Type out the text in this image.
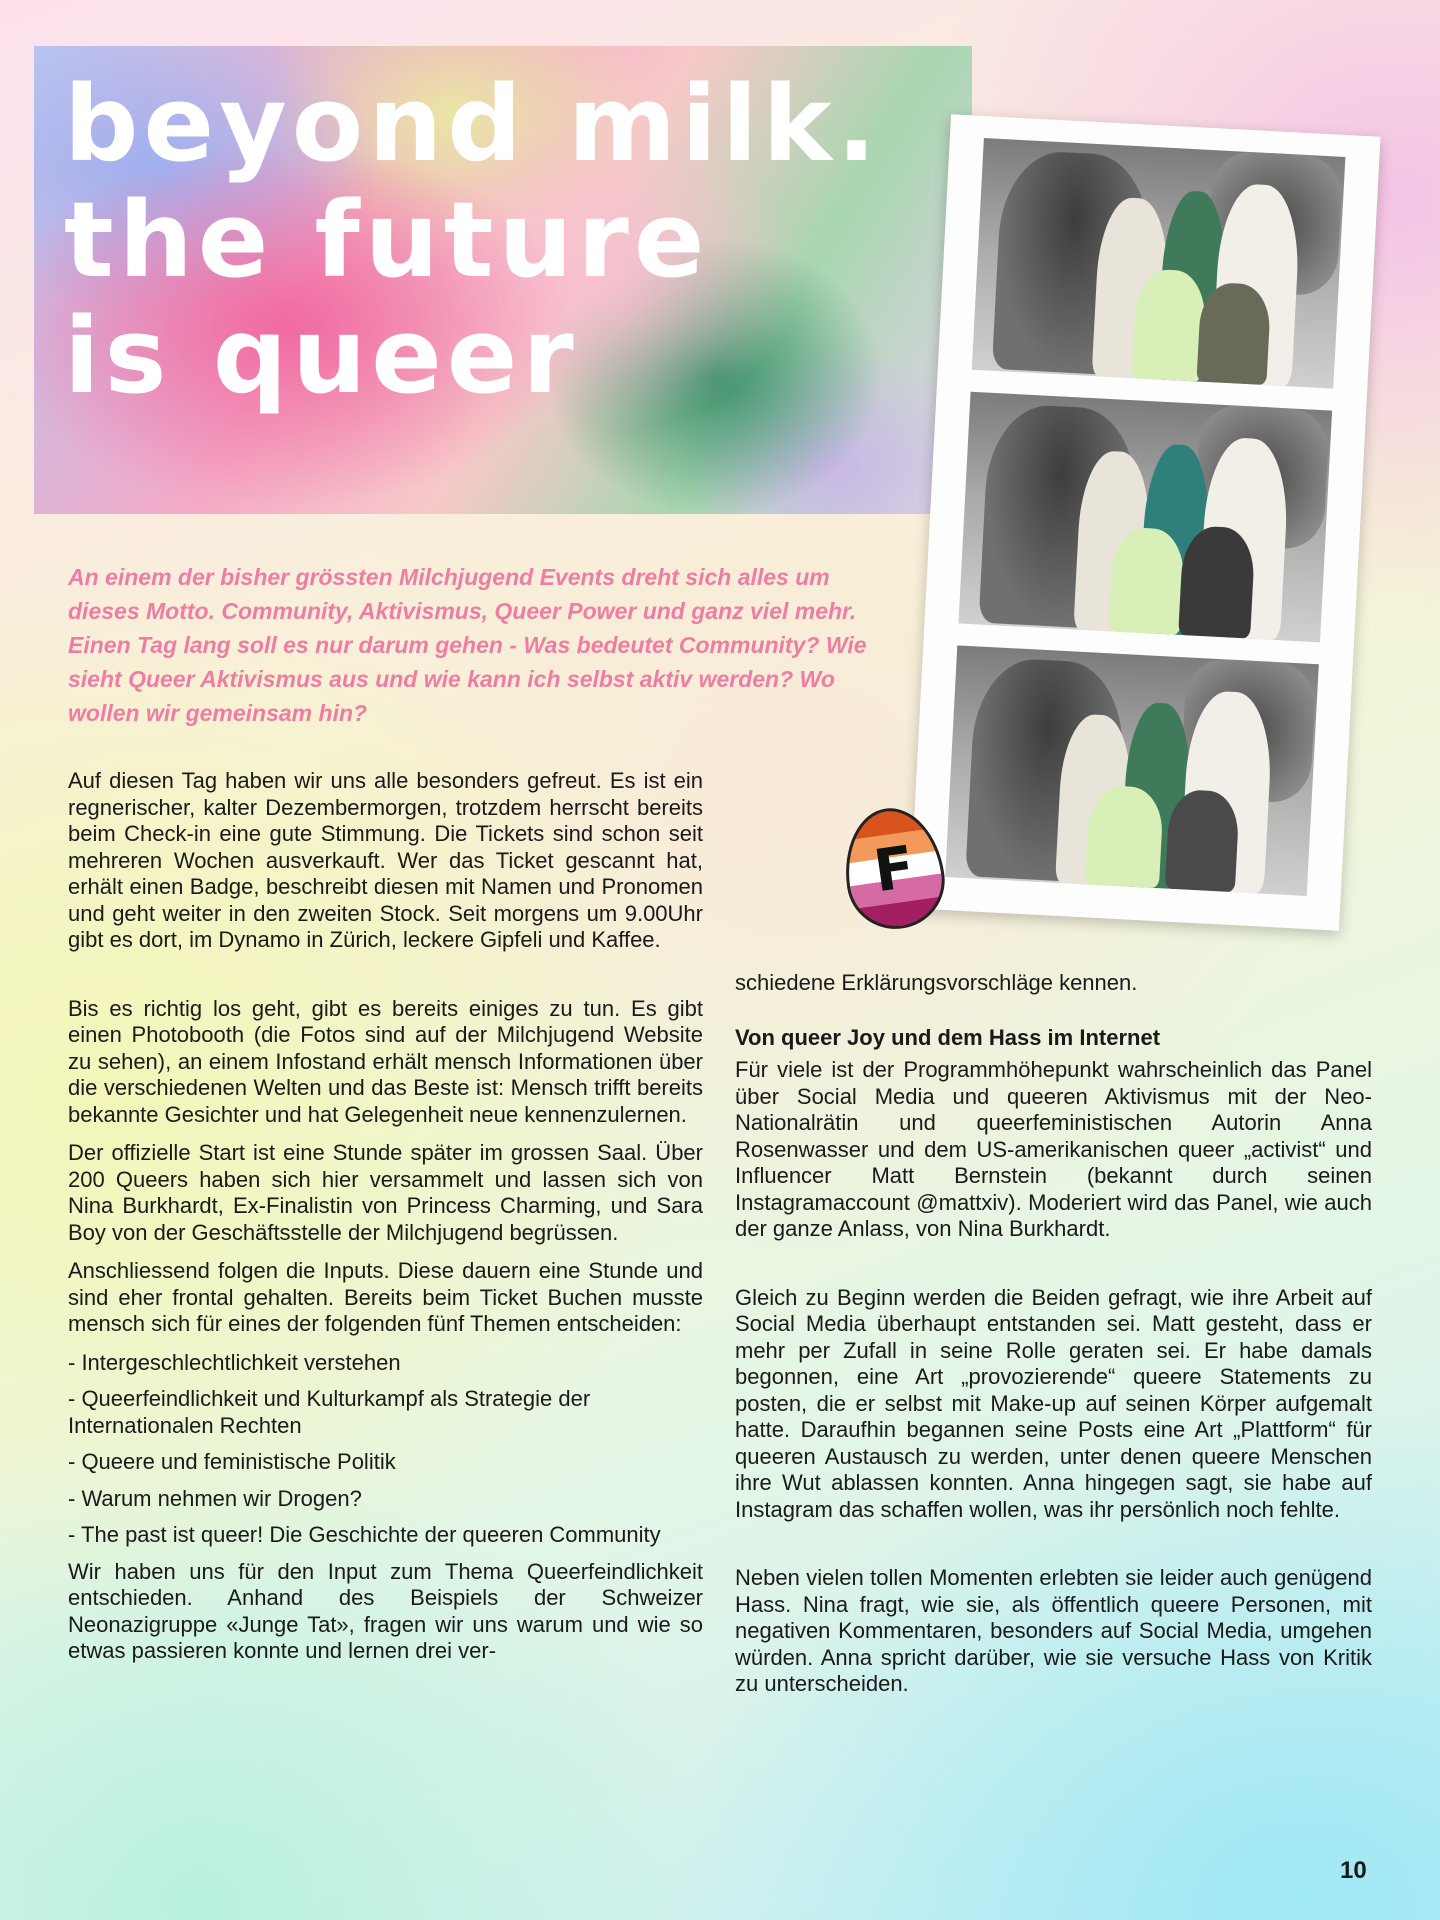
beyond milk.
the future
is queer
F

An einem der bisher grössten Milchjugend Events dreht sich alles um dieses Motto. Community, Aktivismus, Queer Power und ganz viel mehr. Einen Tag lang soll es nur darum gehen - Was bedeutet Community? Wie sieht Queer Aktivismus aus und wie kann ich selbst aktiv werden? Wo wollen wir gemeinsam hin?

Auf diesen Tag haben wir uns alle besonders gefreut. Es ist ein regnerischer, kalter Dezembermorgen, trotzdem herrscht bereits beim Check-in eine gute Stimmung. Die Tickets sind schon seit mehreren Wochen ausverkauft. Wer das Ticket gescannt hat, erhält einen Badge, beschreibt diesen mit Namen und Pronomen und geht weiter in den zweiten Stock. Seit morgens um 9.00Uhr gibt es dort, im Dynamo in Zürich, leckere Gipfeli und Kaffee.

Bis es richtig los geht, gibt es bereits einiges zu tun. Es gibt einen Photobooth (die Fotos sind auf der Milchjugend Website zu sehen), an einem Infostand erhält mensch Informationen über die verschiedenen Welten und das Beste ist: Mensch trifft bereits bekannte Gesichter und hat Gelegenheit neue kennenzulernen.

Der offizielle Start ist eine Stunde später im grossen Saal. Über 200 Queers haben sich hier versammelt und lassen sich von Nina Burkhardt, Ex-Finalistin von Princess Charming, und Sara Boy von der Geschäftsstelle der Milchjugend begrüssen.

Anschliessend folgen die Inputs. Diese dauern eine Stunde und sind eher frontal gehalten. Bereits beim Ticket Buchen musste mensch sich für eines der folgenden fünf Themen entscheiden:

- Intergeschlechtlichkeit verstehen
- Queerfeindlichkeit und Kulturkampf als Strategie der Internationalen Rechten
- Queere und feministische Politik
- Warum nehmen wir Drogen?
- The past ist queer! Die Geschichte der queeren Community

Wir haben uns für den Input zum Thema Queerfeindlichkeit entschieden. Anhand des Beispiels der Schweizer Neonazigruppe «Junge Tat», fragen wir uns warum und wie so etwas passieren konnte und lernen drei ver-

schiedene Erklärungsvorschläge kennen.

Von queer Joy und dem Hass im Internet

Für viele ist der Programmhöhepunkt wahrscheinlich das Panel über Social Media und queeren Aktivismus mit der Neo-Nationalrätin und queerfeministischen Autorin Anna Rosenwasser und dem US-amerikanischen queer „activist“ und Influencer Matt Bernstein (bekannt durch seinen Instagramaccount @mattxiv). Moderiert wird das Panel, wie auch der ganze Anlass, von Nina Burkhardt.

Gleich zu Beginn werden die Beiden gefragt, wie ihre Arbeit auf Social Media überhaupt entstanden sei. Matt gesteht, dass er mehr per Zufall in seine Rolle geraten sei. Er habe damals begonnen, eine Art „provozierende“ queere Statements zu posten, die er selbst mit Make-up auf seinen Körper aufgemalt hatte. Daraufhin begannen seine Posts eine Art „Plattform“ für queeren Austausch zu werden, unter denen queere Menschen ihre Wut ablassen konnten. Anna hingegen sagt, sie habe auf Instagram das schaffen wollen, was ihr persönlich noch fehlte.

Neben vielen tollen Momenten erlebten sie leider auch genügend Hass. Nina fragt, wie sie, als öffentlich queere Personen, mit negativen Kommentaren, besonders auf Social Media, umgehen würden. Anna spricht darüber, wie sie versuche Hass von Kritik zu unterscheiden.

10
